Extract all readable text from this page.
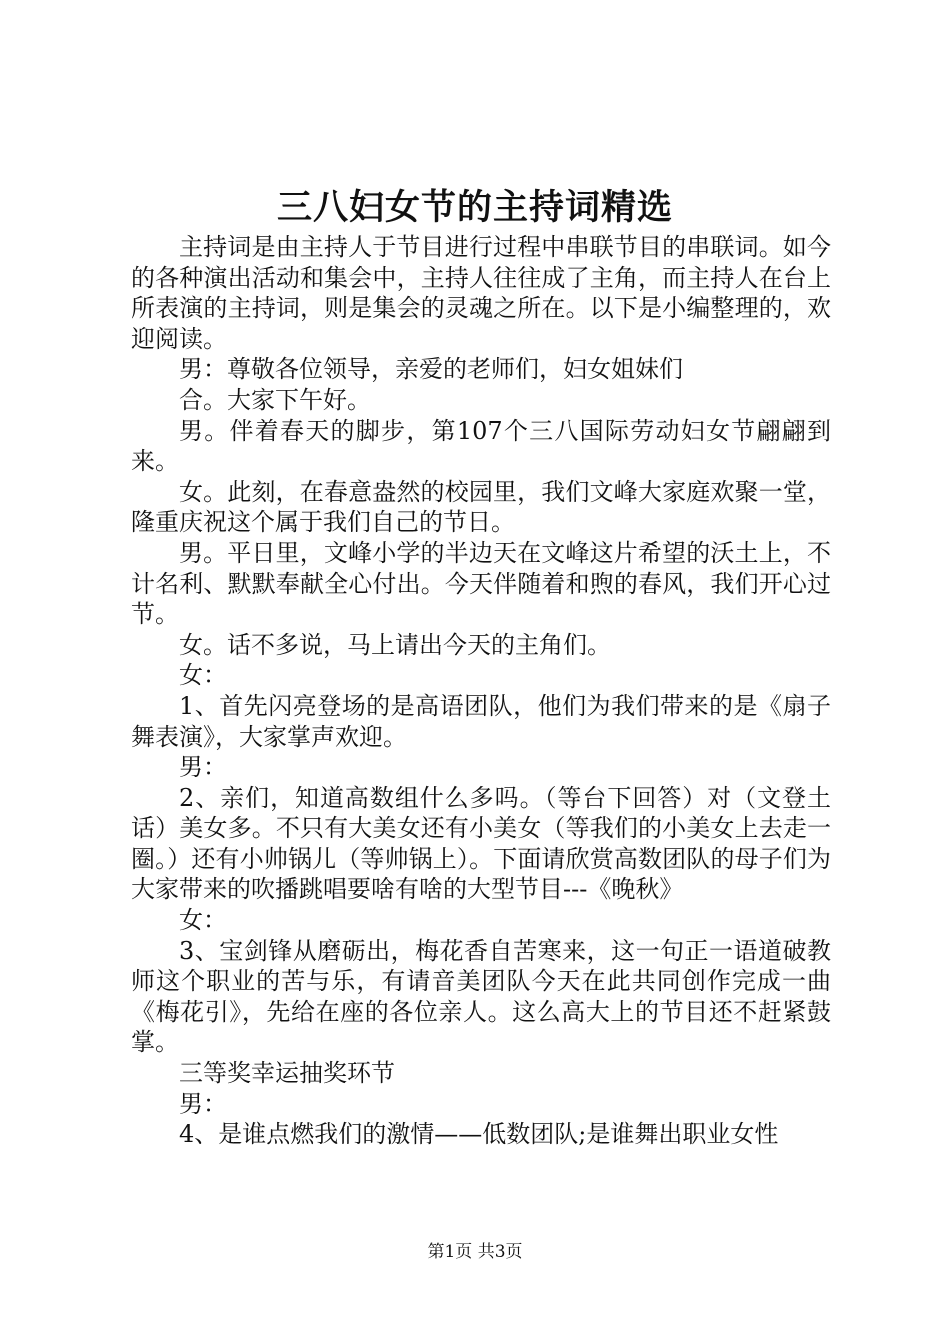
三八妇女节的主持词精选

主持词是由主持人于节目进行过程中串联节目的串联词。如今的各种演出活动和集会中，主持人往往成了主角，而主持人在台上所表演的主持词，则是集会的灵魂之所在。以下是小编整理的，欢迎阅读。

男：尊敬各位领导，亲爱的老师们，妇女姐妹们

合。大家下午好。

男。伴着春天的脚步，第107个三八国际劳动妇女节翩翩到来。

女。此刻，在春意盎然的校园里，我们文峰大家庭欢聚一堂，隆重庆祝这个属于我们自己的节日。

男。平日里，文峰小学的半边天在文峰这片希望的沃土上，不计名利、默默奉献全心付出。今天伴随着和煦的春风，我们开心过节。

女。话不多说，马上请出今天的主角们。

女：

1、首先闪亮登场的是高语团队，他们为我们带来的是《扇子舞表演》，大家掌声欢迎。

男：

2、亲们，知道高数组什么多吗。（等台下回答）对（文登土话）美女多。不只有大美女还有小美女（等我们的小美女上去走一圈。）还有小帅锅儿（等帅锅上）。下面请欣赏高数团队的母子们为大家带来的吹播跳唱要啥有啥的大型节目---《晚秋》

女：

3、宝剑锋从磨砺出，梅花香自苦寒来，这一句正一语道破教师这个职业的苦与乐，有请音美团队今天在此共同创作完成一曲《梅花引》，先给在座的各位亲人。这么高大上的节目还不赶紧鼓掌。

三等奖幸运抽奖环节

男：

4、是谁点燃我们的激情——低数团队;是谁舞出职业女性

第1页 共3页
